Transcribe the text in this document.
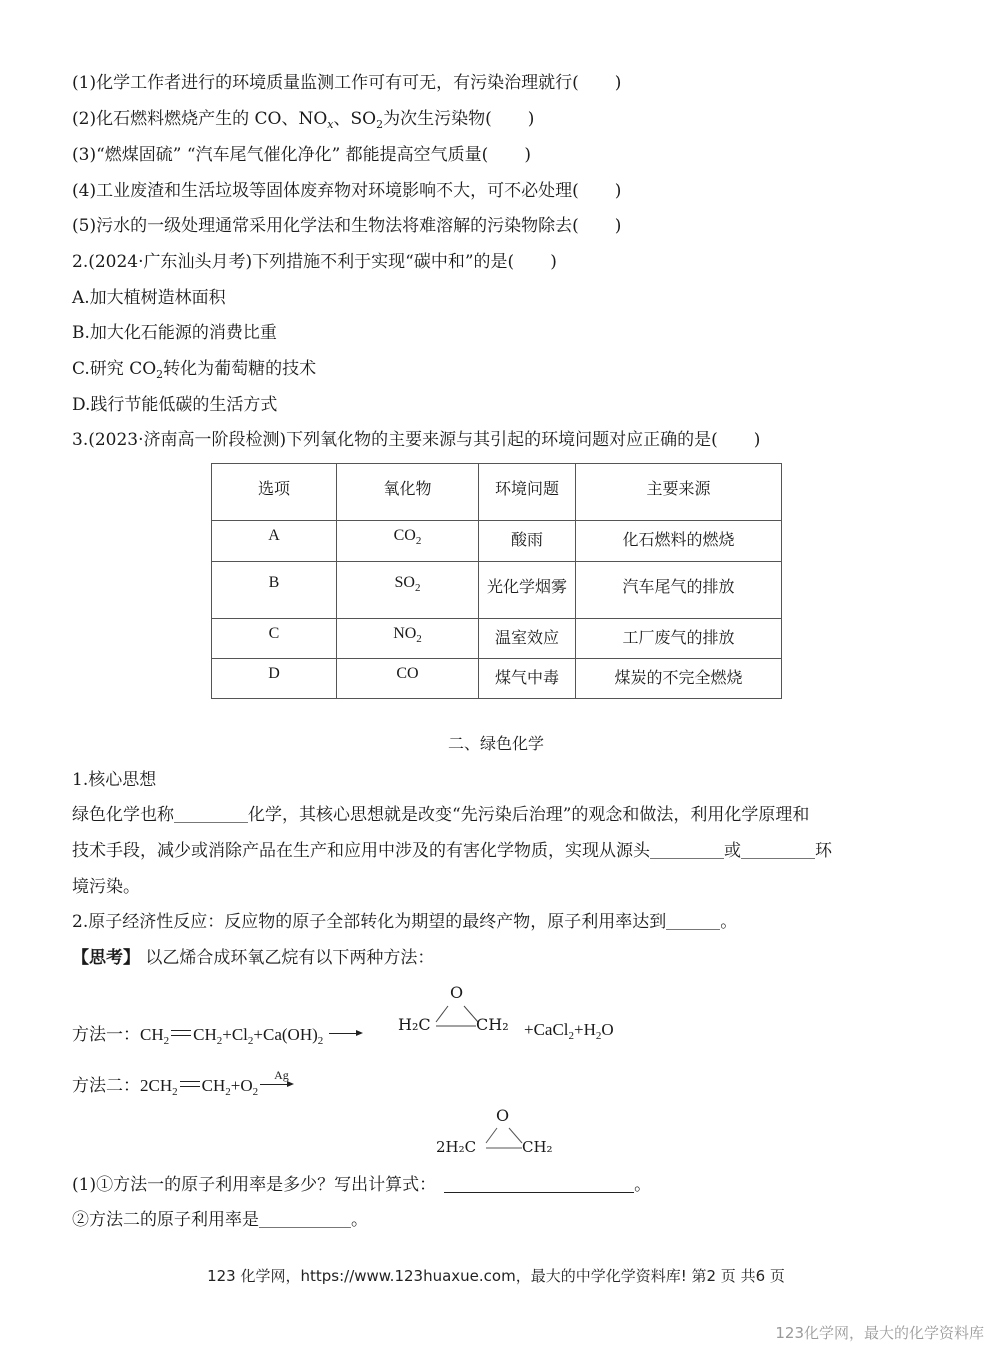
(1)化学工作者进行的环境质量监测工作可有可无，有污染治理就行( )
(2)化石燃料燃烧产生的 CO、$NO_x$、$SO_2$为次生污染物( )
(3)“燃煤固硫” “汽车尾气催化净化” 都能提高空气质量( )
(4)工业废渣和生活垃圾等固体废弃物对环境影响不大，可不必处理( )
(5)污水的一级处理通常采用化学法和生物法将难溶解的污染物除去( )
2.(2024·广东汕头月考)下列措施不利于实现“碳中和”的是( )
A.加大植树造林面积
B.加大化石能源的消费比重
C.研究 $CO_2$转化为葡萄糖的技术
D.践行节能低碳的生活方式
3.(2023·济南高一阶段检测)下列氧化物的主要来源与其引起的环境问题对应正确的是( )
选项	氧化物	环境问题	主要来源

A	$CO_2$	酸雨	化石燃料的燃烧

B	$SO_2$	光化学烟雾	汽车尾气的排放

C	$NO_2$	温室效应	工厂废气的排放

D	CO	煤气中毒	煤炭的不完全燃烧
二、绿色化学
1.核心思想
绿色化学也称	化学，其核心思想就是改变“先污染后治理”的观念和做法，利用化学原理和
技术手段，减少或消除产品在生产和应用中涉及的有害化学物质，实现从源头	或	环
境污染。
2.原子经济性反应：反应物的原子全部转化为期望的最终产物，原子利用率达到	。
【思考】 以乙烯合成环氧乙烷有以下两种方法：
方法一：$CH_2$ $CH_2+Cl_2+Ca(OH)_2$
O
H₂C	$CH_2 +CaCl_2+H_2O$
方法二：$2CH_2$ $CH_2+O_2$
Ag
O
2H₂C	CH₂
(1)①方法一的原子利用率是多少？写出计算式：	。
②方法二的原子利用率是	。
123 化学网，https://www.123huaxue.com，最大的中学化学资料库! 第2 页 共6 页
123化学网，最大的化学资料库
